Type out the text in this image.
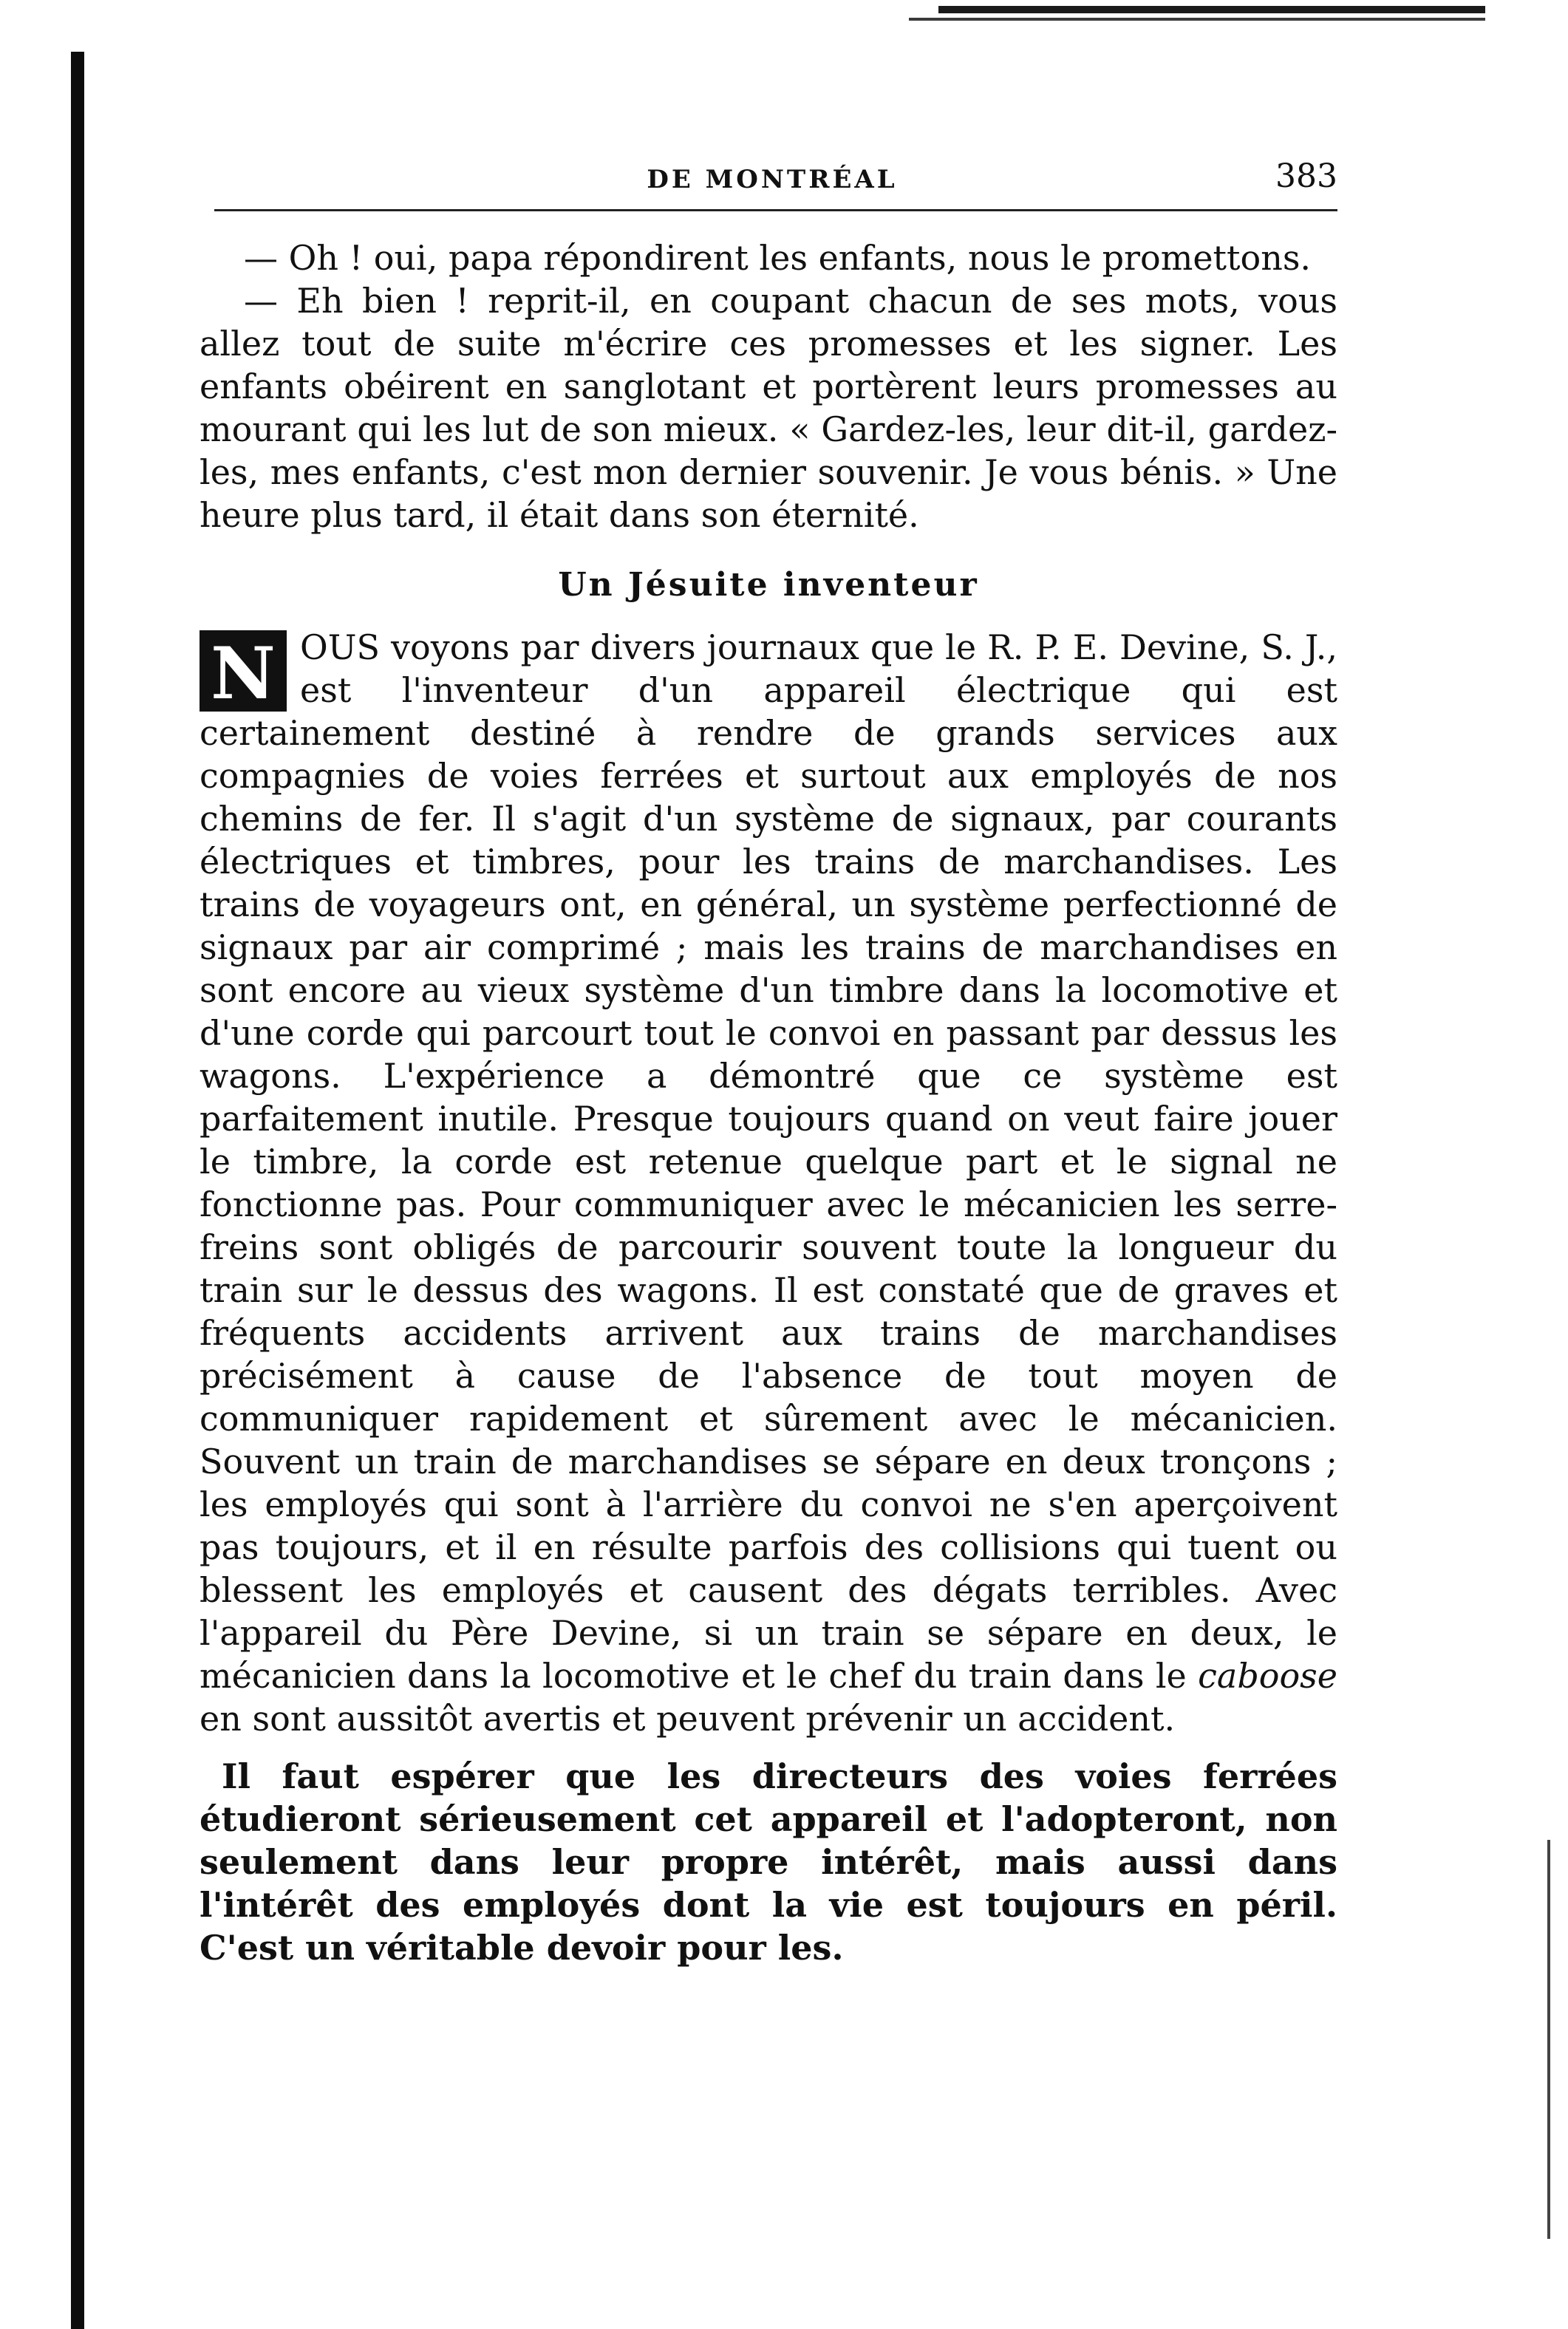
DE MONTRÉAL	383

— Oh ! oui, papa répondirent les enfants, nous le promettons.

— Eh bien ! reprit-il, en coupant chacun de ses mots, vous allez tout de suite m'écrire ces promesses et les signer. Les enfants obéirent en sanglotant et portèrent leurs promesses au mourant qui les lut de son mieux. « Gardez-les, leur dit-il, gardez-les, mes enfants, c'est mon dernier souvenir. Je vous bénis. » Une heure plus tard, il était dans son éternité.

Un Jésuite inventeur

N OUS voyons par divers journaux que le R. P. E. Devine, S. J., est l'inventeur d'un appareil électrique qui est certainement destiné à rendre de grands services aux compagnies de voies ferrées et surtout aux employés de nos chemins de fer. Il s'agit d'un système de signaux, par courants électriques et timbres, pour les trains de marchandises. Les trains de voyageurs ont, en général, un système perfectionné de signaux par air comprimé ; mais les trains de marchandises en sont encore au vieux système d'un timbre dans la locomotive et d'une corde qui parcourt tout le convoi en passant par dessus les wagons. L'expérience a démontré que ce système est parfaitement inutile. Presque toujours quand on veut faire jouer le timbre, la corde est retenue quelque part et le signal ne fonctionne pas. Pour communiquer avec le mécanicien les serre-freins sont obligés de parcourir souvent toute la longueur du train sur le dessus des wagons. Il est constaté que de graves et fréquents accidents arrivent aux trains de marchandises précisément à cause de l'absence de tout moyen de communiquer rapidement et sûrement avec le mécanicien. Souvent un train de marchandises se sépare en deux tronçons ; les employés qui sont à l'arrière du convoi ne s'en aperçoivent pas toujours, et il en résulte parfois des collisions qui tuent ou blessent les employés et causent des dégats terribles. Avec l'appareil du Père Devine, si un train se sépare en deux, le mécanicien dans la locomotive et le chef du train dans le caboose en sont aussitôt avertis et peuvent prévenir un accident.

Il faut espérer que les directeurs des voies ferrées étudieront sérieusement cet appareil et l'adopteront, non seulement dans leur propre intérêt, mais aussi dans l'intérêt des employés dont la vie est toujours en péril. C'est un véritable devoir pour les.
